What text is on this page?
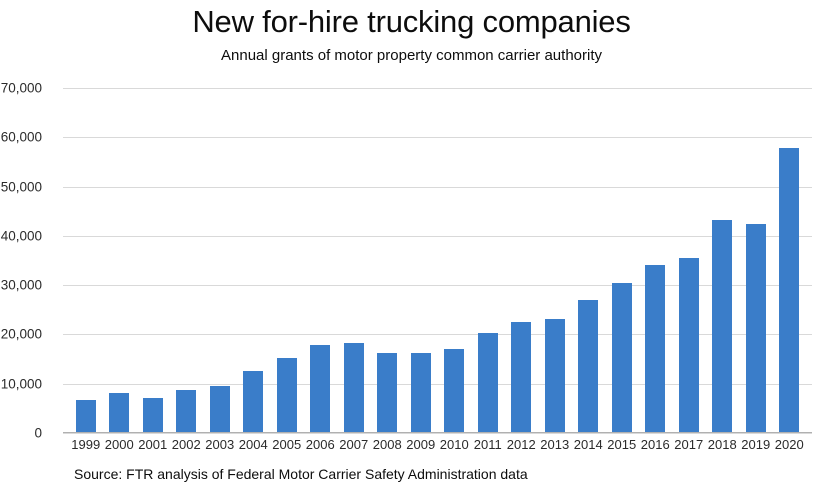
New for-hire trucking companies
Annual grants of motor property common carrier authority
0
10,000
20,000
30,000
40,000
50,000
60,000
70,000
1999 2000 2001 2002 2003 2004 2005 2006 2007 2008 2009 2010 2011 2012 2013 2014 2015 2016 2017 2018 2019 2020
Source: FTR analysis of Federal Motor Carrier Safety Administration data
